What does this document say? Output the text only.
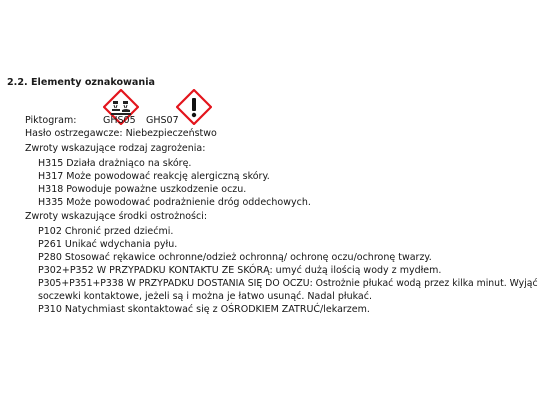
2.2. Elementy oznakowania
Piktogram:	GHS05 GHS07
Hasło ostrzegawcze: Niebezpieczeństwo
Zwroty wskazujące rodzaj zagrożenia:
H315 Działa drażniąco na skórę.
H317 Może powodować reakcję alergiczną skóry.
H318 Powoduje poważne uszkodzenie oczu.
H335 Może powodować podrażnienie dróg oddechowych.
Zwroty wskazujące środki ostrożności:
P102 Chronić przed dziećmi.
P261 Unikać wdychania pyłu.
P280 Stosować rękawice ochronne/odzież ochronną/ ochronę oczu/ochronę twarzy.
P302+P352 W PRZYPADKU KONTAKTU ZE SKÓRĄ: umyć dużą ilością wody z mydłem.
P305+P351+P338 W PRZYPADKU DOSTANIA SIĘ DO OCZU: Ostrożnie płukać wodą przez kilka minut. Wyjąć
soczewki kontaktowe, jeżeli są i można je łatwo usunąć. Nadal płukać.
P310 Natychmiast skontaktować się z OŚRODKIEM ZATRUĆ/lekarzem.
